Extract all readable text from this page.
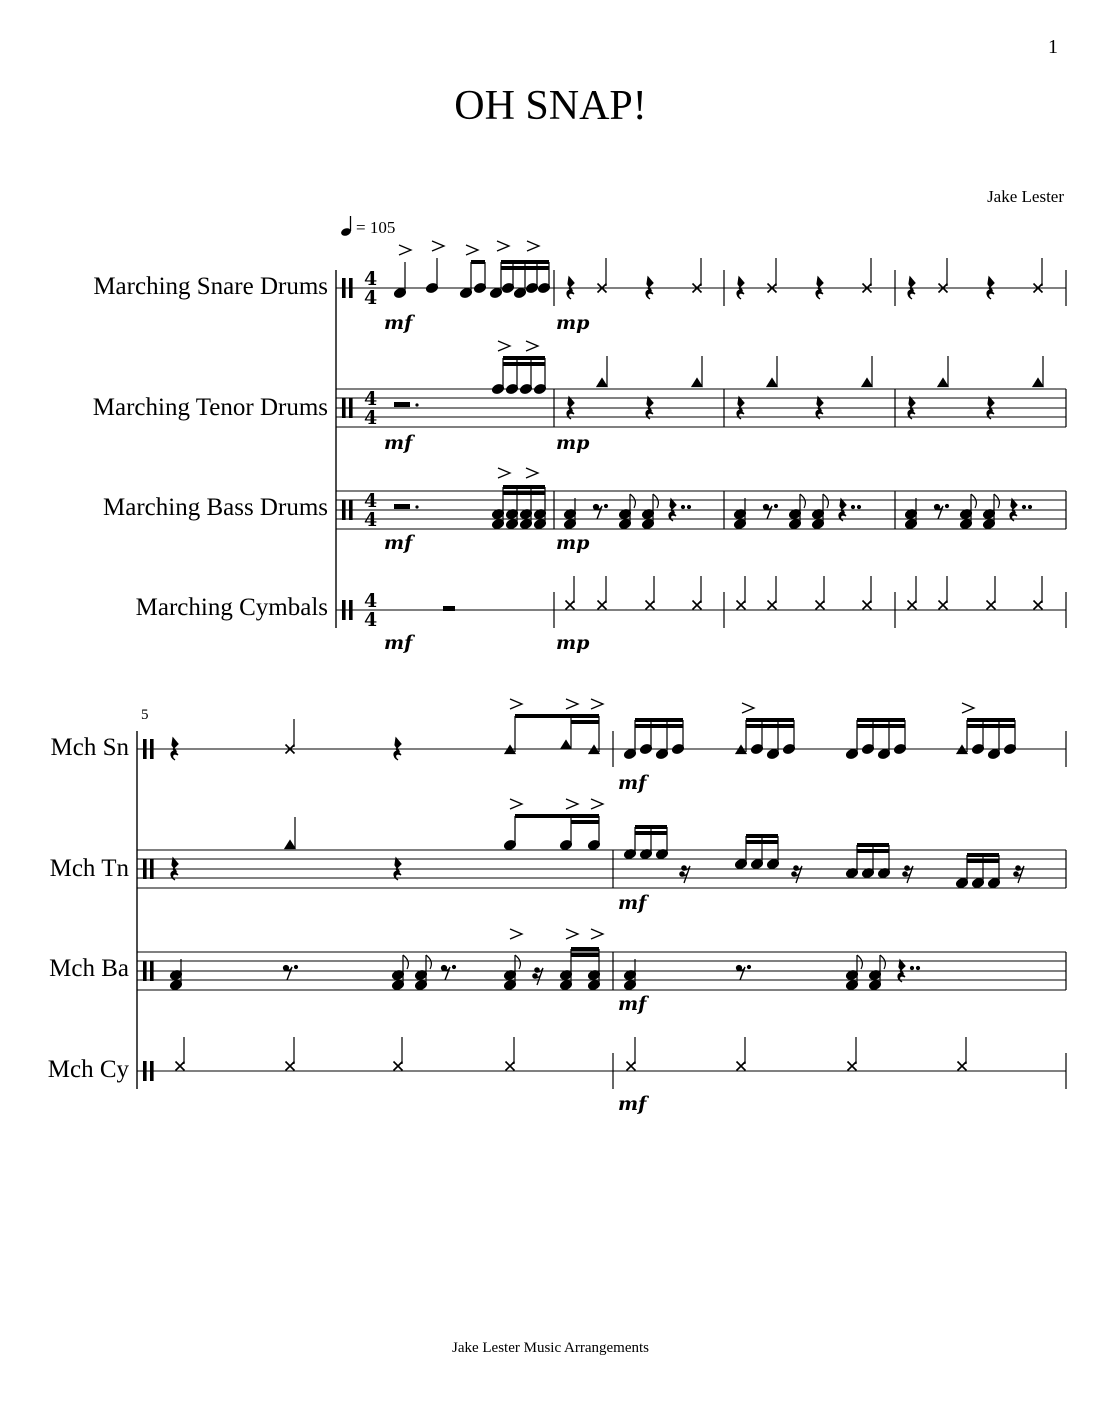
1
OH SNAP!
Jake Lester
= 105
Marching Snare Drums
Marching Tenor Drums
Marching Bass Drums
Marching Cymbals
5
Mch Sn
Mch Tn
Mch Ba
Mch Cy
4
4
4
4
4
4
4
4
mf	mp
mf	mp
mf	mp
mf	mp
mf
mf
mf
mf
Jake Lester Music Arrangements
